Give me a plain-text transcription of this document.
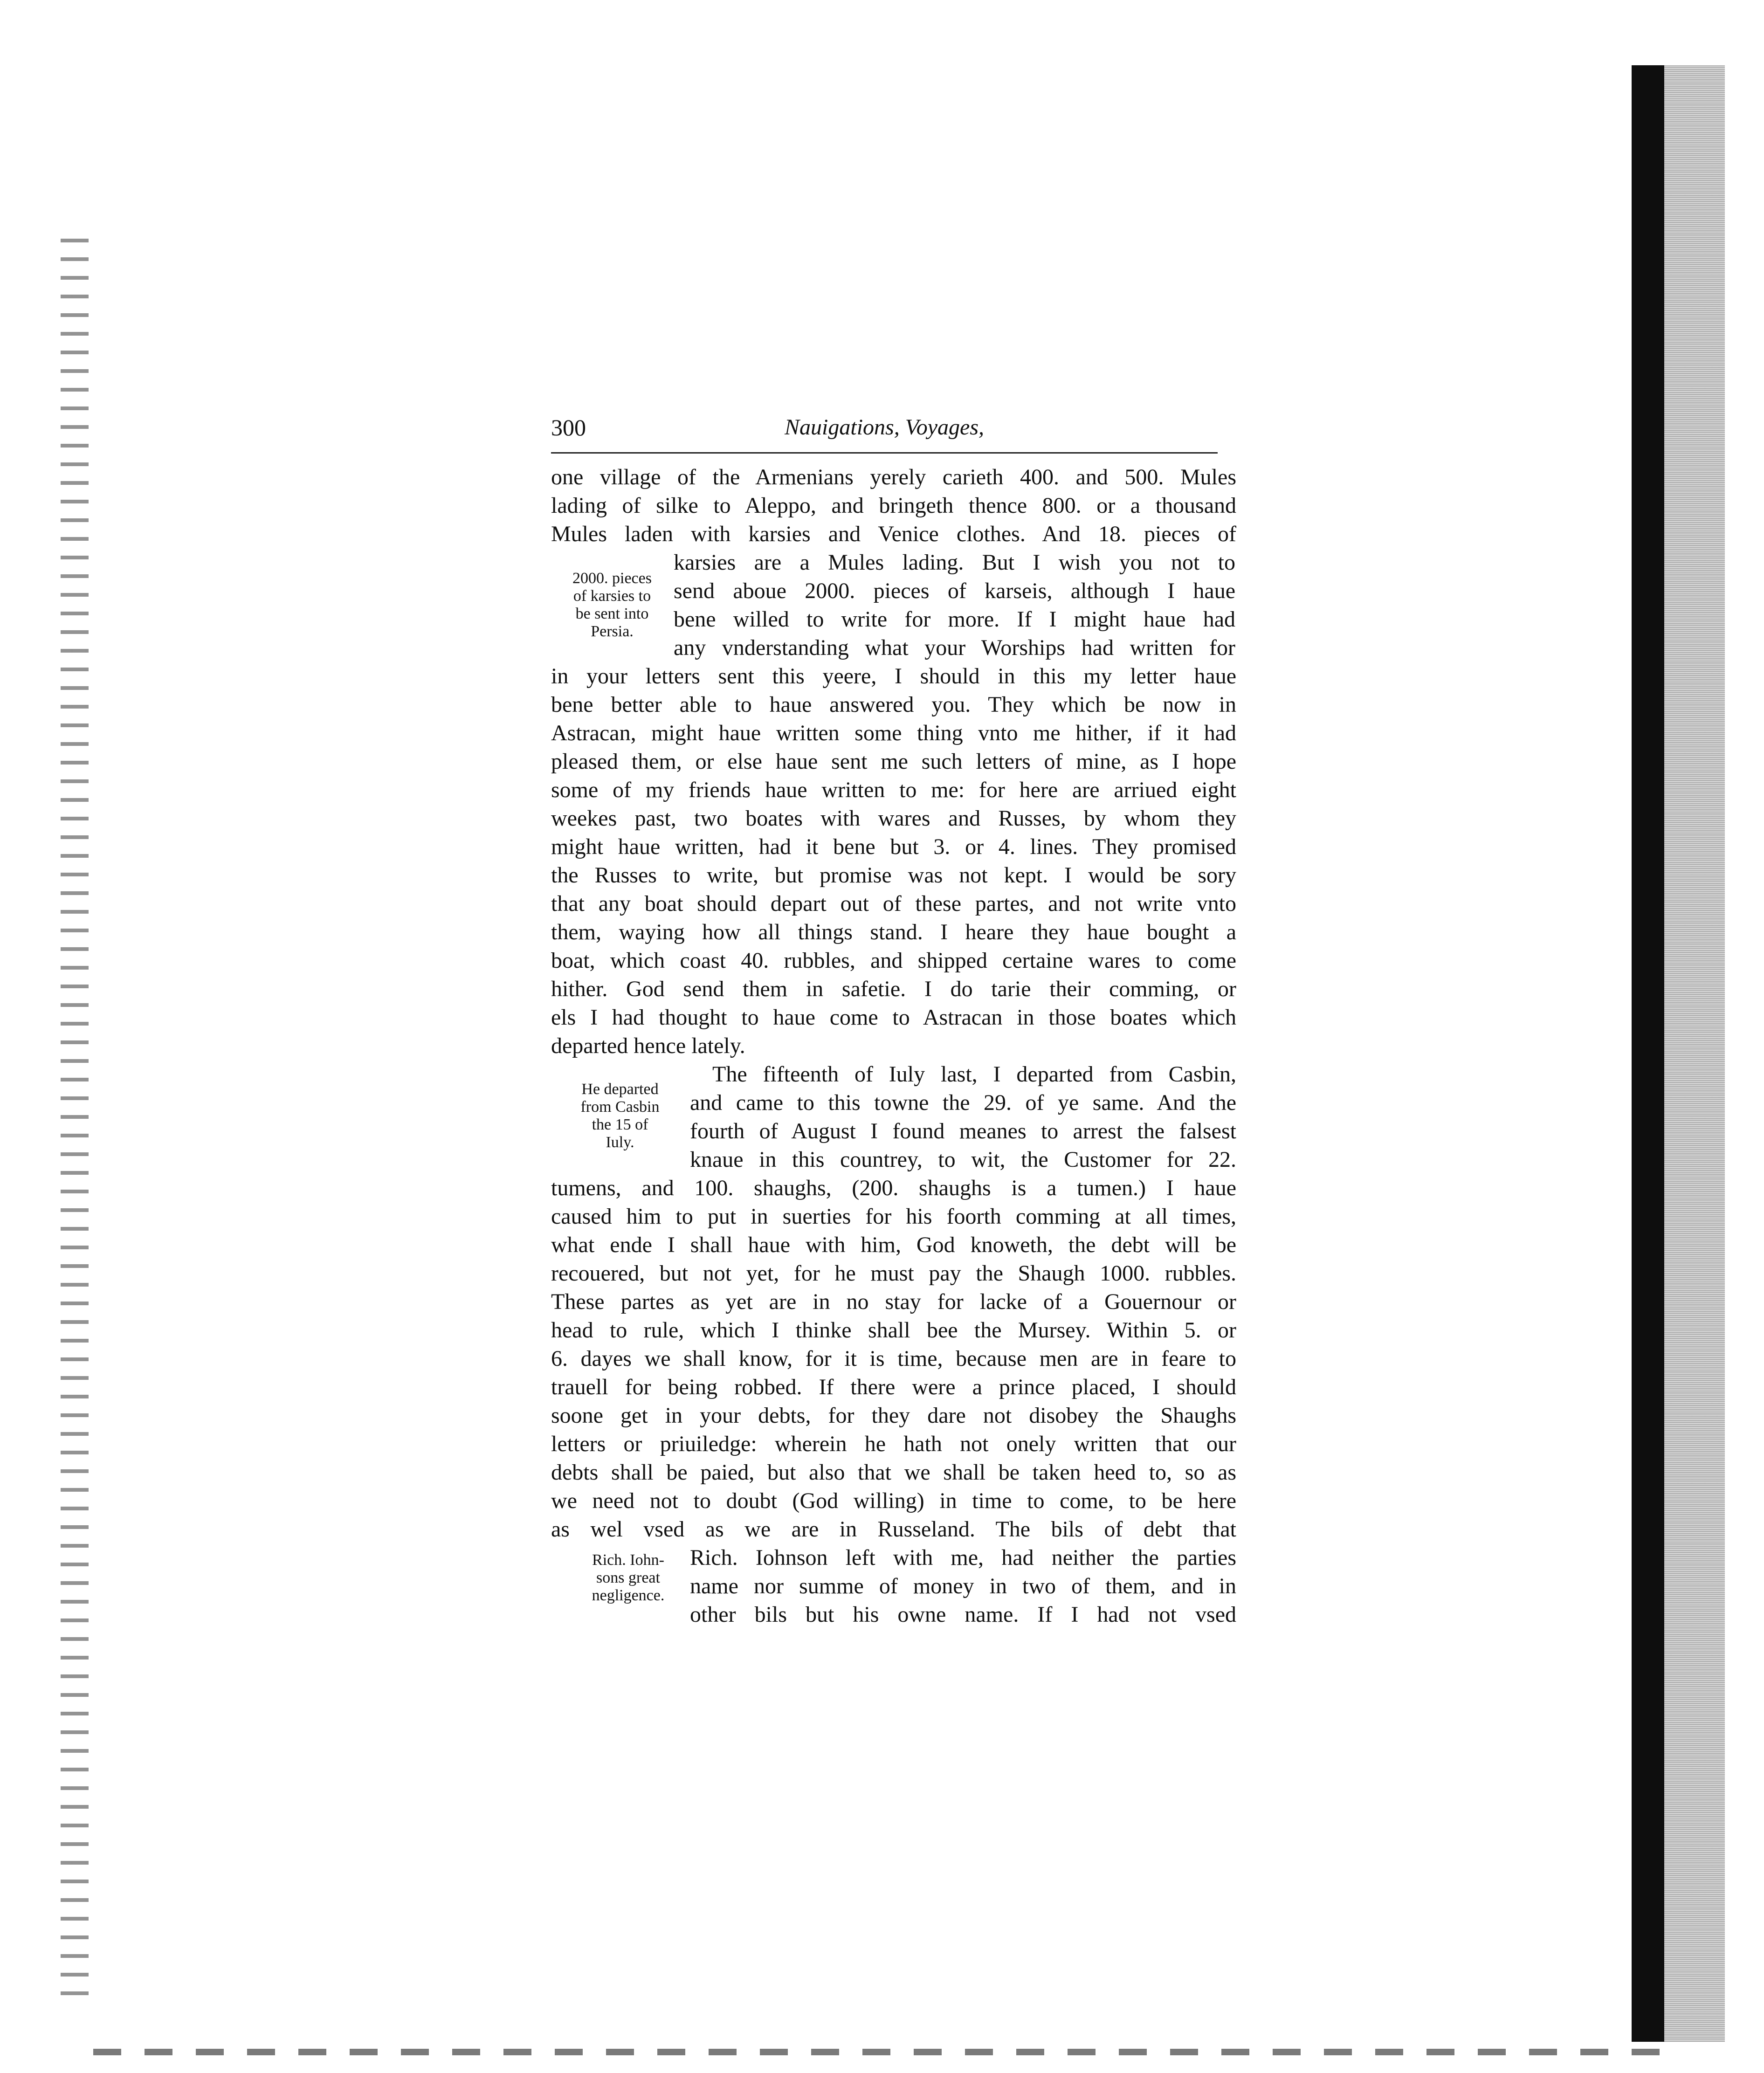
300	Nauigations, Voyages,
one village of the Armenians yerely carieth 400. and 500. Mules
lading of silke to Aleppo, and bringeth thence 800. or a thousand
Mules laden with karsies and Venice clothes. And 18. pieces of
karsies are a Mules lading. But I wish you not to
send aboue 2000. pieces of karseis, although I haue
bene willed to write for more. If I might haue had
any vnderstanding what your Worships had written for
in your letters sent this yeere, I should in this my letter haue
bene better able to haue answered you. They which be now in
Astracan, might haue written some thing vnto me hither, if it had
pleased them, or else haue sent me such letters of mine, as I hope
some of my friends haue written to me: for here are arriued eight
weekes past, two boates with wares and Russes, by whom they
might haue written, had it bene but 3. or 4. lines. They promised
the Russes to write, but promise was not kept. I would be sory
that any boat should depart out of these partes, and not write vnto
them, waying how all things stand. I heare they haue bought a
boat, which coast 40. rubbles, and shipped certaine wares to come
hither. God send them in safetie. I do tarie their comming, or
els I had thought to haue come to Astracan in those boates which
departed hence lately.
The fifteenth of Iuly last, I departed from Casbin,
and came to this towne the 29. of ye same. And the
fourth of August I found meanes to arrest the falsest
knaue in this countrey, to wit, the Customer for 22.
tumens, and 100. shaughs, (200. shaughs is a tumen.) I haue
caused him to put in suerties for his foorth comming at all times,
what ende I shall haue with him, God knoweth, the debt will be
recouered, but not yet, for he must pay the Shaugh 1000. rubbles.
These partes as yet are in no stay for lacke of a Gouernour or
head to rule, which I thinke shall bee the Mursey. Within 5. or
6. dayes we shall know, for it is time, because men are in feare to
trauell for being robbed. If there were a prince placed, I should
soone get in your debts, for they dare not disobey the Shaughs
letters or priuiledge: wherein he hath not onely written that our
debts shall be paied, but also that we shall be taken heed to, so as
we need not to doubt (God willing) in time to come, to be here
as wel vsed as we are in Russeland. The bils of debt that
Rich. Iohnson left with me, had neither the parties
name nor summe of money in two of them, and in
other bils but his owne name. If I had not vsed
2000. pieces
of karsies to
be sent into
Persia.
He departed
from Casbin
the 15 of
Iuly.
Rich. Iohn-
sons great
negligence.
